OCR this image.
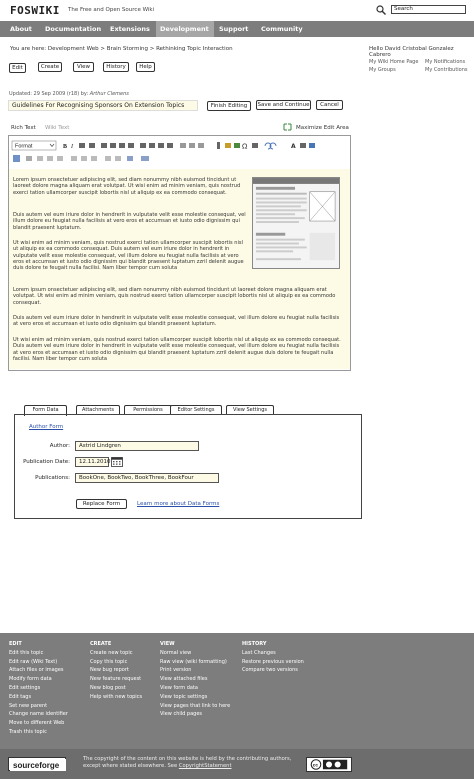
FOSWIKI The Free and Open Source Wiki	Search
About	Documentation	Extensions	Development	Support	Community
You are here: Development Web > Brain Storming > Rethinking Topic Interaction	Hello David Cristobal Gonzalez Cabrero
My Wiki Home Page My Notifications
My Groups	My Contributions
Edit	Create	View	History	Help
Updated: 29 Sep 2009 (r18) by: Arthur Clemens
Guidelines For Recognising Sponsors On Extension Topics	Finish Editing	Save and Continue	Cancel
Rich Text Wiki Text	Maximize Edit Area
Format	B I	Ω	A
Lorem ipsum onsectetuer adipiscing elit, sed diam nonummy nibh euismod tincidunt ut laoreet dolore magna aliquam erat volutpat. Ut wisi enim ad minim veniam, quis nostrud exerci tation ullamcorper suscipit lobortis nisl ut aliquip ex ea commodo consequat.
Duis autem vel eum iriure dolor in hendrerit in vulputate velit esse molestie consequat, vel illum dolore eu feugiat nulla facilisis at vero eros et accumsan et iusto odio dignissim qui blandit praesent luptatum.
Ut wisi enim ad minim veniam, quis nostrud exerci tation ullamcorper suscipit lobortis nisl ut aliquip ex ea commodo consequat. Duis autem vel eum iriure dolor in hendrerit in vulputate velit esse molestie consequat, vel illum dolore eu feugiat nulla facilisis at vero eros et accumsan et iusto odio dignissim qui blandit praesent luptatum zzril delenit augue duis dolore te feugait nulla facilisi. Nam liber tempor cum soluta
Lorem ipsum onsectetuer adipiscing elit, sed diam nonummy nibh euismod tincidunt ut laoreet dolore magna aliquam erat volutpat. Ut wisi enim ad minim veniam, quis nostrud exerci tation ullamcorper suscipit lobortis nisl ut aliquip ex ea commodo consequat.
Duis autem vel eum iriure dolor in hendrerit in vulputate velit esse molestie consequat, vel illum dolore eu feugiat nulla facilisis at vero eros et accumsan et iusto odio dignissim qui blandit praesent luptatum.
Ut wisi enim ad minim veniam, quis nostrud exerci tation ullamcorper suscipit lobortis nisl ut aliquip ex ea commodo consequat. Duis autem vel eum iriure dolor in hendrerit in vulputate velit esse molestie consequat, vel illum dolore eu feugiat nulla facilisis at vero eros et accumsan et iusto odio dignissim qui blandit praesent luptatum zzril delenit augue duis dolore te feugait nulla facilisi. Nam liber tempor cum soluta
Form Data	Attachments	Permissions	Editor Settings	View Settings
Author Form
Author:	Astrid Lindgren
Publication Date:	12.11.2010
Publications:	BookOne, BookTwo, BookThree, BookFour
Replace Form	Learn more about Data Forms
EDIT
Edit this topic
Edit raw (Wiki Text)
Attach files or images
Modify form data
Edit settings
Edit tags
Set new parent
Change name identifier
Move to different Web
Trash this topic
CREATE
Create new topic
Copy this topic
New bug report
New feature request
New blog post
Help with new topics
VIEW
Normal view
Raw view (wiki formatting)
Print version
View attached files
View form data
View topic settings
View pages that link to here
View child pages
HISTORY
Last Changes
Restore previous version
Compare two versions
sourceforge
The copyright of the content on this website is held by the contributing authors, except where stated elsewhere. See CopyrightStatement	cc
